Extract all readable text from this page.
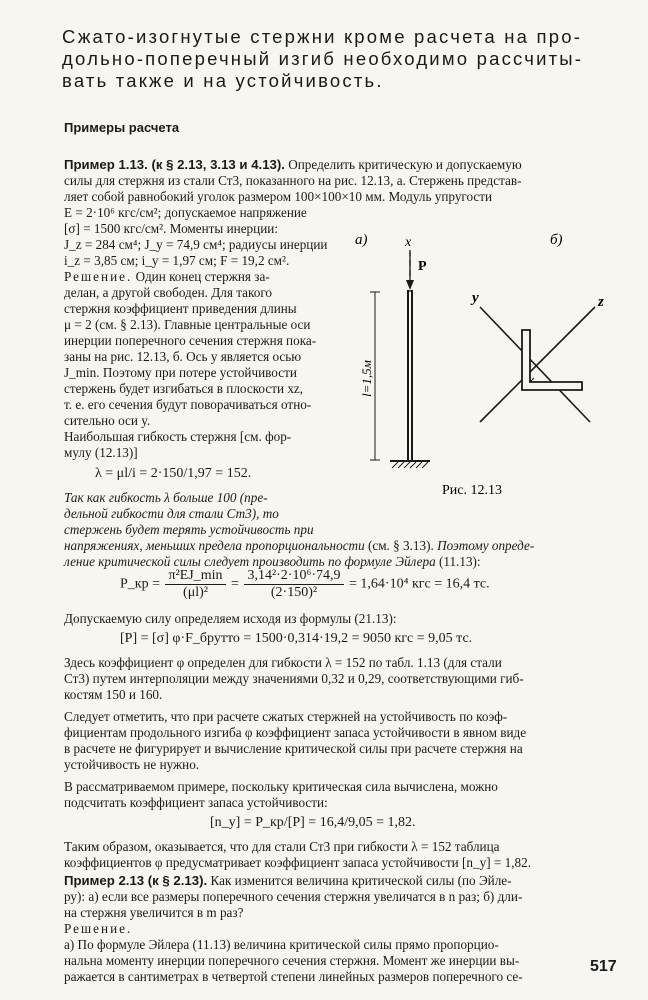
Сжато-изогнутые стержни кроме расчета на про-
дольно-поперечный изгиб необходимо рассчиты-
вать также и на устойчивость.
Примеры расчета
Пример 1.13. (к § 2.13, 3.13 и 4.13). Определить критическую и допускаемую
силы для стержня из стали Ст3, показанного на рис. 12.13, а. Стержень представ-
ляет собой равнобокий уголок размером 100×100×10 мм. Модуль упругости
E = 2·10⁶ кгс/см²; допускаемое напряжение
[σ] = 1500 кгс/см². Моменты инерции:
J_z = 284 см⁴; J_y = 74,9 см⁴; радиусы инерции
i_z = 3,85 см; i_y = 1,97 см; F = 19,2 см².
Решение. Один конец стержня за-
делан, а другой свободен. Для такого
стержня коэффициент приведения длины
μ = 2 (см. § 2.13). Главные центральные оси
инерции поперечного сечения стержня пока-
заны на рис. 12.13, б. Ось y является осью
J_min. Поэтому при потере устойчивости
стержень будет изгибаться в плоскости xz,
т. е. его сечения будут поворачиваться отно-
сительно оси y.
Наибольшая гибкость стержня [см. фор-
мулу (12.13)]
λ = μl/i = 2·150/1,97 = 152.
Так как гибкость λ больше 100 (пре-
дельной гибкости для стали Ст3), то
стержень будет терять устойчивость при
напряжениях, меньших предела пропорциональности (см. § 3.13). Поэтому опреде-
ление критической силы следует производить по формуле Эйлера (11.13):
P_кр = $\frac{\text{π²EJ\_min}}{\text{(μl)²}} = \frac{\text{3,14²·2·10⁶·74,9}}{\text{(2·150)²}} = 1,64\cdot 10^4$ кгс = 16,4 тс.
Допускаемую силу определяем исходя из формулы (21.13):
[P] = [σ] φ·F_брутто = 1500·0,314·19,2 = 9050 кгс = 9,05 тс.
Здесь коэффициент φ определен для гибкости λ = 152 по табл. 1.13 (для стали
Ст3) путем интерполяции между значениями 0,32 и 0,29, соответствующими гиб-
костям 150 и 160.
Следует отметить, что при расчете сжатых стержней на устойчивость по коэф-
фициентам продольного изгиба φ коэффициент запаса устойчивости в явном виде
в расчете не фигурирует и вычисление критической силы при расчете стержня на
устойчивость не нужно.
В рассматриваемом примере, поскольку критическая сила вычислена, можно
подсчитать коэффициент запаса устойчивости:
[n_y] = P_кр/[P] = 16,4/9,05 = 1,82.
Таким образом, оказывается, что для стали Ст3 при гибкости λ = 152 таблица
коэффициентов φ предусматривает коэффициент запаса устойчивости [n_y] = 1,82.
Пример 2.13 (к § 2.13). Как изменится величина критической силы (по Эйле-
ру): а) если все размеры поперечного сечения стержня увеличатся в n раз; б) дли-
на стержня увеличится в m раз?
Решение.
а) По формуле Эйлера (11.13) величина критической силы прямо пропорцио-
нальна моменту инерции поперечного сечения стержня. Момент же инерции вы-
ражается в сантиметрах в четвертой степени линейных размеров поперечного се-
517
а)	x
P
l=1,5м
б)
y	z
Рис. 12.13
